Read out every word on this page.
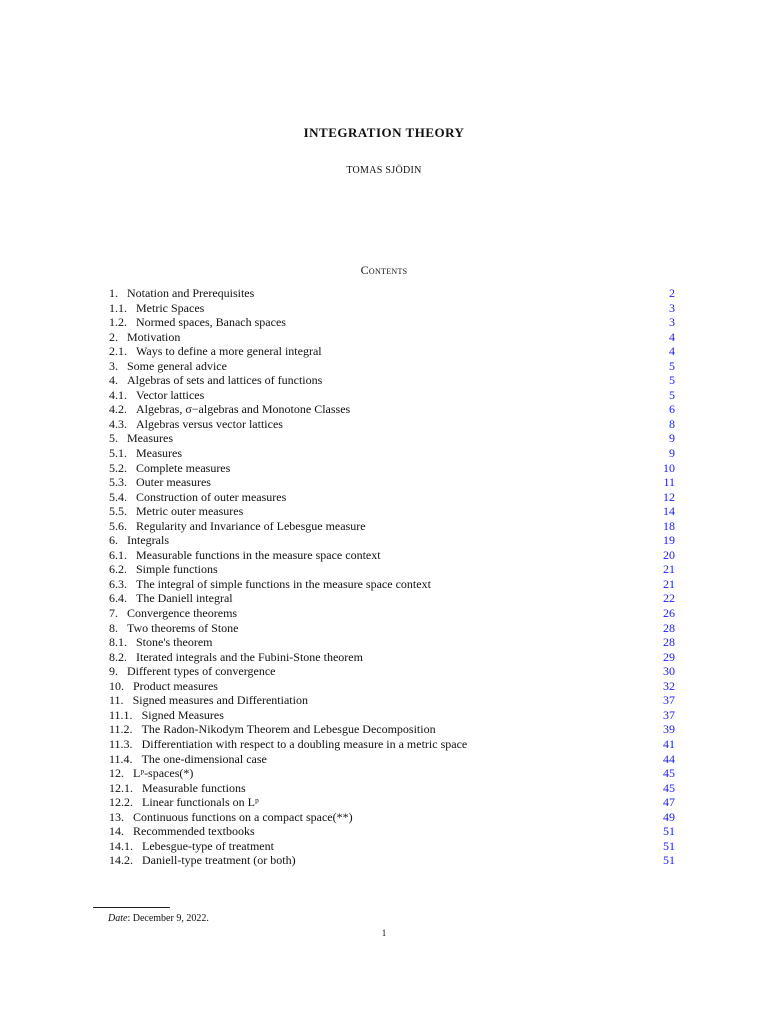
INTEGRATION THEORY
TOMAS SJÖDIN
Contents
1. Notation and Prerequisites	2
1.1. Metric Spaces	3
1.2. Normed spaces, Banach spaces	3
2. Motivation	4
2.1. Ways to define a more general integral	4
3. Some general advice	5
4. Algebras of sets and lattices of functions	5
4.1. Vector lattices	5
4.2. Algebras, σ−algebras and Monotone Classes	6
4.3. Algebras versus vector lattices	8
5. Measures	9
5.1. Measures	9
5.2. Complete measures	10
5.3. Outer measures	11
5.4. Construction of outer measures	12
5.5. Metric outer measures	14
5.6. Regularity and Invariance of Lebesgue measure	18
6. Integrals	19
6.1. Measurable functions in the measure space context	20
6.2. Simple functions	21
6.3. The integral of simple functions in the measure space context	21
6.4. The Daniell integral	22
7. Convergence theorems	26
8. Two theorems of Stone	28
8.1. Stone's theorem	28
8.2. Iterated integrals and the Fubini-Stone theorem	29
9. Different types of convergence	30
10. Product measures	32
11. Signed measures and Differentiation	37
11.1. Signed Measures	37
11.2. The Radon-Nikodym Theorem and Lebesgue Decomposition	39
11.3. Differentiation with respect to a doubling measure in a metric space	41
11.4. The one-dimensional case	44
12. Lᵖ-spaces(*)	45
12.1. Measurable functions	45
12.2. Linear functionals on Lᵖ	47
13. Continuous functions on a compact space(**)	49
14. Recommended textbooks	51
14.1. Lebesgue-type of treatment	51
14.2. Daniell-type treatment (or both)	51
Date: December 9, 2022.
1
